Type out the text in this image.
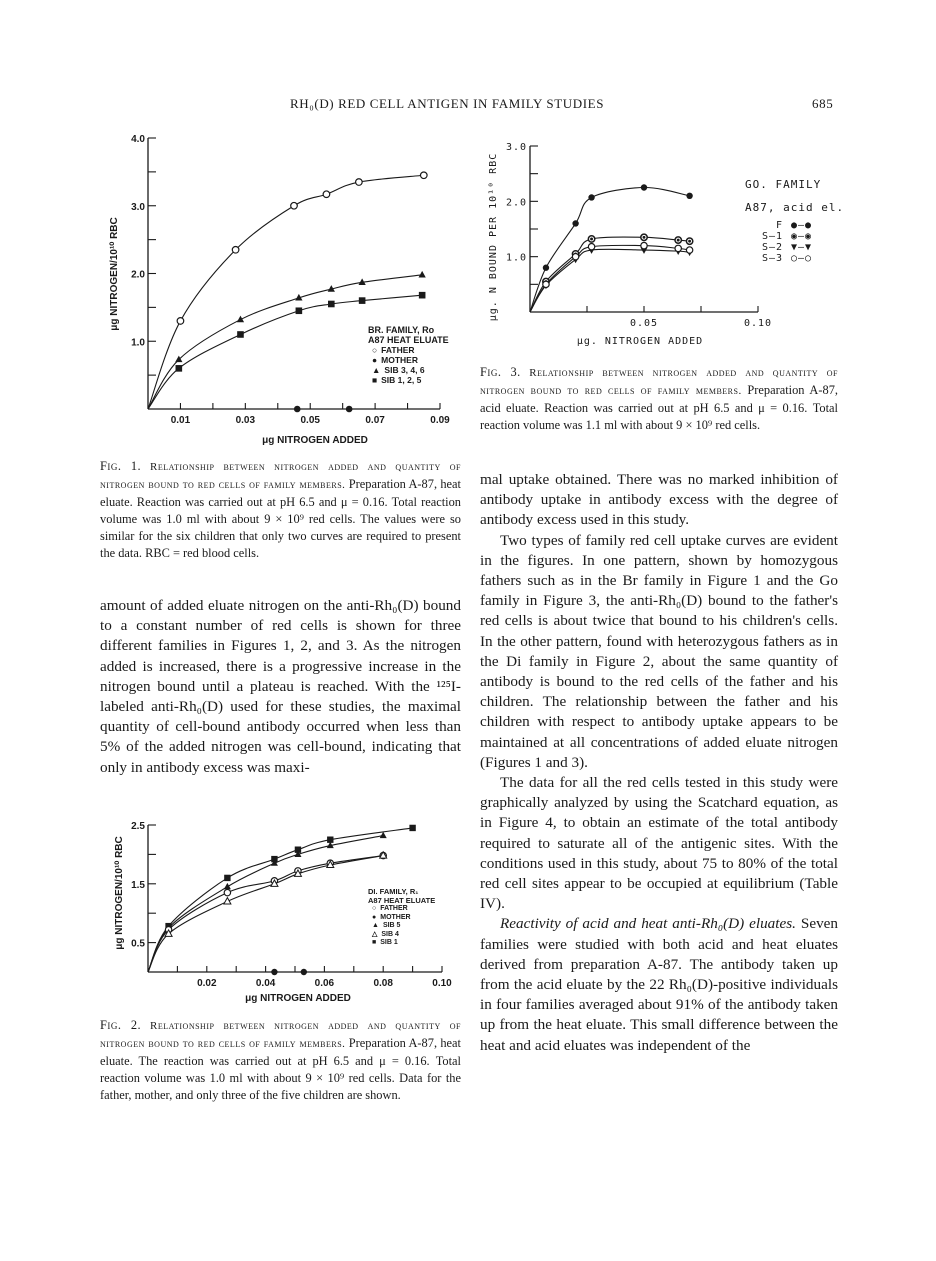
RH₀(D) RED CELL ANTIGEN IN FAMILY STUDIES	685
0.01	0.03	0.05	0.07	0.09
1.0
2.0
3.0
4.0
μg NITROGEN ADDED
μg NITROGEN/10¹⁰ RBC	BR. FAMILY, Rᴏ
A87 HEAT ELUATE
○ FATHER
● MOTHER
▲ SIB 3, 4, 6
■ SIB 1, 2, 5
Fig. 1. Relationship between nitrogen added and quantity of nitrogen bound to red cells of family members. Preparation A-87, heat eluate. Reaction was carried out at pH 6.5 and μ = 0.16. Total reaction volume was 1.0 ml with about 9 × 10⁹ red cells. The values were so similar for the six children that only two curves are required to present the data. RBC = red blood cells.
0.05	0.10
1.0
2.0
3.0
μg. NITROGEN ADDED
μg. N BOUND PER 10¹⁰ RBC	GO. FAMILY
A87, acid el.
F ●—●
S—1 ◉—◉
S—2 ▼—▼
S—3 ○—○
Fig. 3. Relationship between nitrogen added and quantity of nitrogen bound to red cells of family members. Preparation A-87, acid eluate. Reaction was carried out at pH 6.5 and μ = 0.16. Total reaction volume was 1.1 ml with about 9 × 10⁹ red cells.

amount of added eluate nitrogen on the anti-Rh₀(D) bound to a constant number of red cells is shown for three different families in Figures 1, 2, and 3. As the nitrogen added is increased, there is a progressive increase in the nitrogen bound until a plateau is reached. With the ¹²⁵I-labeled anti-Rh₀(D) used for these studies, the maximal quantity of cell-bound antibody occurred when less than 5% of the added nitrogen was cell-bound, indicating that only in antibody excess was maxi-

0.02	0.04	0.06	0.08	0.10
0.5
1.5
2.5
μg NITROGEN ADDED
μg NITROGEN/10¹⁰ RBC	DI. FAMILY, R₁
A87 HEAT ELUATE
○ FATHER
● MOTHER
▲ SIB 5
△ SIB 4
■ SIB 1
Fig. 2. Relationship between nitrogen added and quantity of nitrogen bound to red cells of family members. Preparation A-87, heat eluate. The reaction was carried out at pH 6.5 and μ = 0.16. Total reaction volume was 1.0 ml with about 9 × 10⁹ red cells. Data for the father, mother, and only three of the five children are shown.

mal uptake obtained. There was no marked inhibition of antibody uptake in antibody excess with the degree of antibody excess used in this study.

Two types of family red cell uptake curves are evident in the figures. In one pattern, shown by homozygous fathers such as in the Br family in Figure 1 and the Go family in Figure 3, the anti-Rh₀(D) bound to the father's red cells is about twice that bound to his children's cells. In the other pattern, found with heterozygous fathers as in the Di family in Figure 2, about the same quantity of antibody is bound to the red cells of the father and his children. The relationship between the father and his children with respect to antibody uptake appears to be maintained at all concentrations of added eluate nitrogen (Figures 1 and 3).

The data for all the red cells tested in this study were graphically analyzed by using the Scatchard equation, as in Figure 4, to obtain an estimate of the total antibody required to saturate all of the antigenic sites. With the conditions used in this study, about 75 to 80% of the total red cell sites appear to be occupied at equilibrium (Table IV).

Reactivity of acid and heat anti-Rh₀(D) eluates. Seven families were studied with both acid and heat eluates derived from preparation A-87. The antibody taken up from the acid eluate by the 22 Rh₀(D)-positive individuals in four families averaged about 91% of the antibody taken up from the heat eluate. This small difference between the heat and acid eluates was independent of the
